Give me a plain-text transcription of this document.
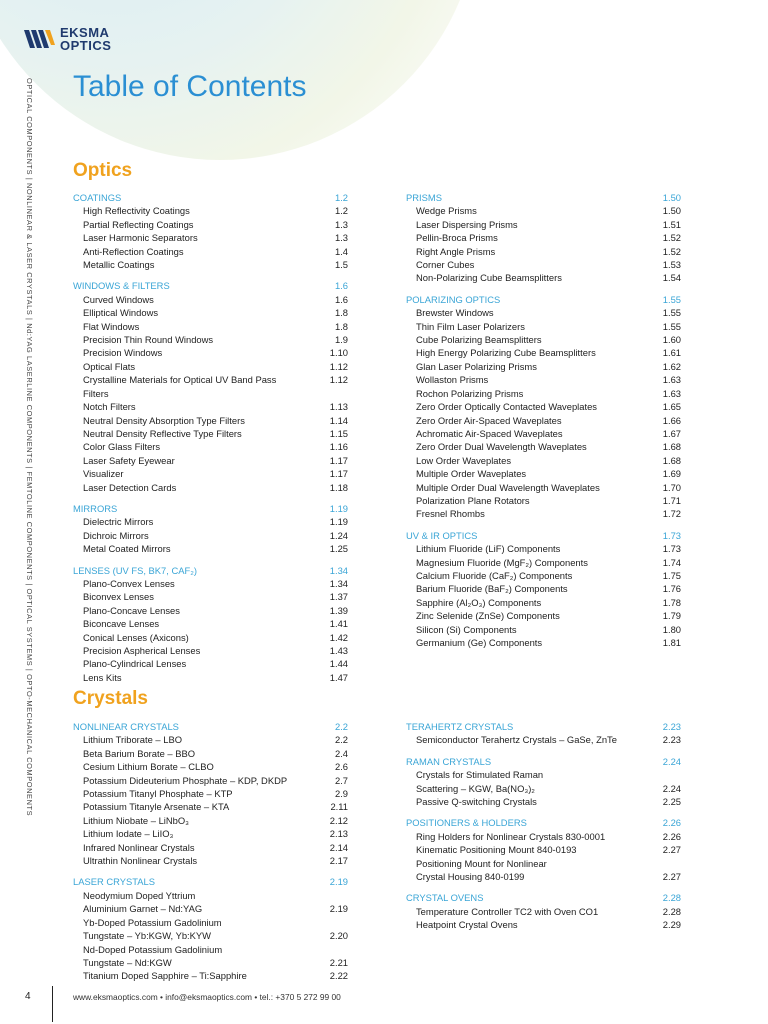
EKSMA
OPTICS
Table of Contents
OPTICAL COMPONENTS | NONLINEAR & LASER CRYSTALS | Nd:YAG LASERLINE COMPONENTS | FEMTOLINE COMPONENTS | OPTICAL SYSTEMS | OPTO-MECHANICAL COMPONENTS Optics
COATINGS	1.2
High Reflectivity Coatings	1.2
Partial Reflecting Coatings	1.3
Laser Harmonic Separators	1.3
Anti-Reflection Coatings	1.4
Metallic Coatings	1.5
WINDOWS & FILTERS	1.6
Curved Windows	1.6
Elliptical Windows	1.8
Flat Windows	1.8
Precision Thin Round Windows	1.9
Precision Windows	1.10
Optical Flats	1.12
Crystalline Materials for Optical UV Band Pass Filters
1.12
Notch Filters	1.13
Neutral Density Absorption Type Filters	1.14
Neutral Density Reflective Type Filters	1.15
Color Glass Filters	1.16
Laser Safety Eyewear	1.17
Visualizer	1.17
Laser Detection Cards	1.18
MIRRORS	1.19
Dielectric Mirrors	1.19
Dichroic Mirrors	1.24
Metal Coated Mirrors	1.25
LENSES (UV FS, BK7, CAF₂)	1.34
Plano-Convex Lenses	1.34
Biconvex Lenses	1.37
Plano-Concave Lenses	1.39
Biconcave Lenses	1.41
Conical Lenses (Axicons)	1.42
Precision Aspherical Lenses	1.43
Plano-Cylindrical Lenses	1.44
Lens Kits	1.47
PRISMS	1.50
Wedge Prisms	1.50
Laser Dispersing Prisms	1.51
Pellin-Broca Prisms	1.52
Right Angle Prisms	1.52
Corner Cubes	1.53
Non-Polarizing Cube Beamsplitters	1.54
POLARIZING OPTICS	1.55
Brewster Windows	1.55
Thin Film Laser Polarizers	1.55
Cube Polarizing Beamsplitters	1.60
High Energy Polarizing Cube Beamsplitters	1.61
Glan Laser Polarizing Prisms	1.62
Wollaston Prisms	1.63
Rochon Polarizing Prisms	1.63
Zero Order Optically Contacted Waveplates	1.65
Zero Order Air-Spaced Waveplates	1.66
Achromatic Air-Spaced Waveplates	1.67
Zero Order Dual Wavelength Waveplates	1.68
Low Order Waveplates	1.68
Multiple Order Waveplates	1.69
Multiple Order Dual Wavelength Waveplates	1.70
Polarization Plane Rotators	1.71
Fresnel Rhombs	1.72
UV & IR OPTICS	1.73
Lithium Fluoride (LiF) Components	1.73
Magnesium Fluoride (MgF₂) Components	1.74
Calcium Fluoride (CaF₂) Components	1.75
Barium Fluoride (BaF₂) Components	1.76
Sapphire (Al₂O₃) Components	1.78
Zinc Selenide (ZnSe) Components	1.79
Silicon (Si) Components	1.80
Germanium (Ge) Components	1.81
Crystals
NONLINEAR CRYSTALS	2.2
Lithium Triborate – LBO	2.2
Beta Barium Borate – BBO	2.4
Cesium Lithium Borate – CLBO	2.6
Potassium Dideuterium Phosphate – KDP, DKDP	2.7
Potassium Titanyl Phosphate – KTP	2.9
Potassium Titanyle Arsenate – KTA	2.11
Lithium Niobate – LiNbO₃	2.12
Lithium Iodate – LiIO₃	2.13
Infrared Nonlinear Crystals	2.14
Ultrathin Nonlinear Crystals	2.17
LASER CRYSTALS	2.19
Neodymium Doped Yttrium
Aluminium Garnet – Nd:YAG	2.19
Yb-Doped Potassium Gadolinium
Tungstate – Yb:KGW, Yb:KYW	2.20
Nd-Doped Potassium Gadolinium
Tungstate – Nd:KGW	2.21
Titanium Doped Sapphire – Ti:Sapphire	2.22
TERAHERTZ CRYSTALS	2.23
Semiconductor Terahertz Crystals – GaSe, ZnTe	2.23
RAMAN CRYSTALS	2.24
Crystals for Stimulated Raman
Scattering – KGW, Ba(NO₃)₂	2.24
Passive Q-switching Crystals	2.25
POSITIONERS & HOLDERS	2.26
Ring Holders for Nonlinear Crystals 830-0001	2.26
Kinematic Positioning Mount 840-0193	2.27
Positioning Mount for Nonlinear
Crystal Housing 840-0199	2.27
CRYSTAL OVENS	2.28
Temperature Controller TC2 with Oven CO1	2.28
Heatpoint Crystal Ovens	2.29
4	www.eksmaoptics.com • info@eksmaoptics.com • tel.: +370 5 272 99 00
